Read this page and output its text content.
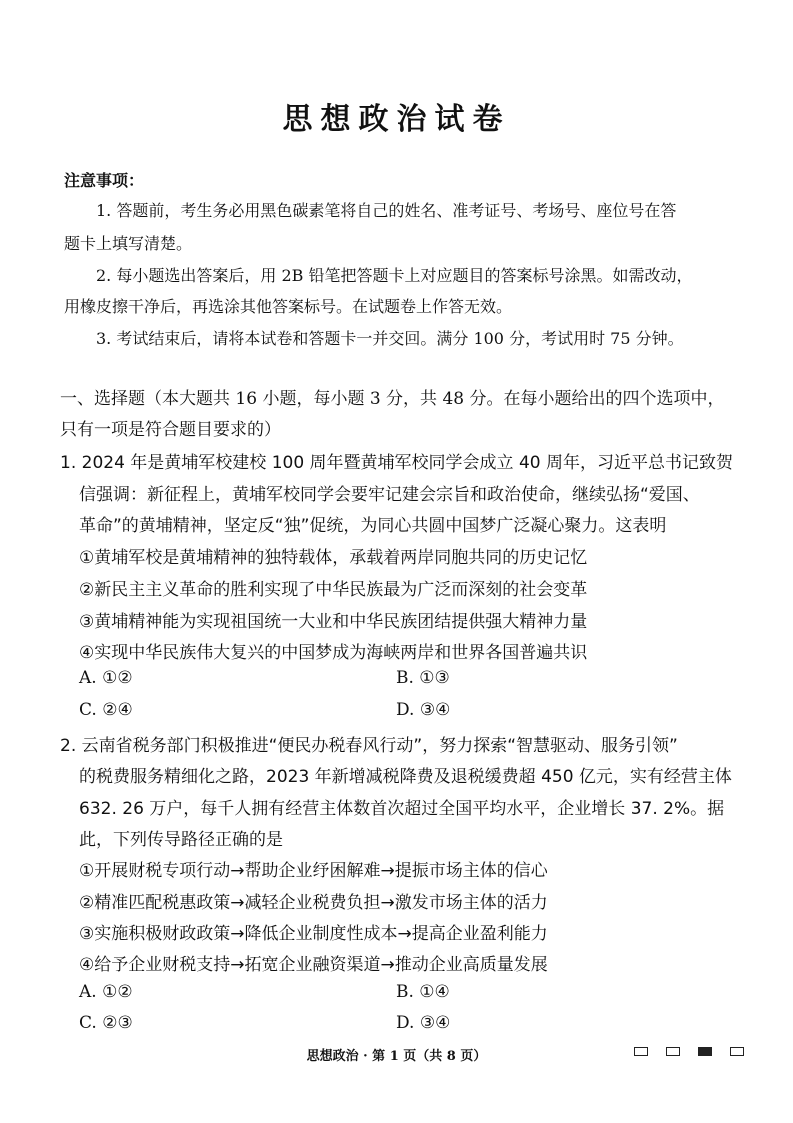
思想政治试卷
注意事项：
1. 答题前，考生务必用黑色碳素笔将自己的姓名、准考证号、考场号、座位号在答
题卡上填写清楚。
2. 每小题选出答案后，用 2B 铅笔把答题卡上对应题目的答案标号涂黑。如需改动，
用橡皮擦干净后，再选涂其他答案标号。在试题卷上作答无效。
3. 考试结束后，请将本试卷和答题卡一并交回。满分 100 分，考试用时 75 分钟。
一、选择题（本大题共 16 小题，每小题 3 分，共 48 分。在每小题给出的四个选项中，
只有一项是符合题目要求的）
1. 2024 年是黄埔军校建校 100 周年暨黄埔军校同学会成立 40 周年，习近平总书记致贺
信强调：新征程上，黄埔军校同学会要牢记建会宗旨和政治使命，继续弘扬“爱国、
革命”的黄埔精神，坚定反“独”促统，为同心共圆中国梦广泛凝心聚力。这表明
①黄埔军校是黄埔精神的独特载体，承载着两岸同胞共同的历史记忆
②新民主主义革命的胜利实现了中华民族最为广泛而深刻的社会变革
③黄埔精神能为实现祖国统一大业和中华民族团结提供强大精神力量
④实现中华民族伟大复兴的中国梦成为海峡两岸和世界各国普遍共识
A. ①②	B. ①③
C. ②④	D. ③④
2. 云南省税务部门积极推进“便民办税春风行动”，努力探索“智慧驱动、服务引领”
的税费服务精细化之路，2023 年新增减税降费及退税缓费超 450 亿元，实有经营主体
632. 26 万户，每千人拥有经营主体数首次超过全国平均水平，企业增长 37. 2%。据
此，下列传导路径正确的是
①开展财税专项行动→帮助企业纾困解难→提振市场主体的信心
②精准匹配税惠政策→减轻企业税费负担→激发市场主体的活力
③实施积极财政政策→降低企业制度性成本→提高企业盈利能力
④给予企业财税支持→拓宽企业融资渠道→推动企业高质量发展
A. ①②	B. ①④
C. ②③	D. ③④
思想政治 · 第 1 页（共 8 页）
